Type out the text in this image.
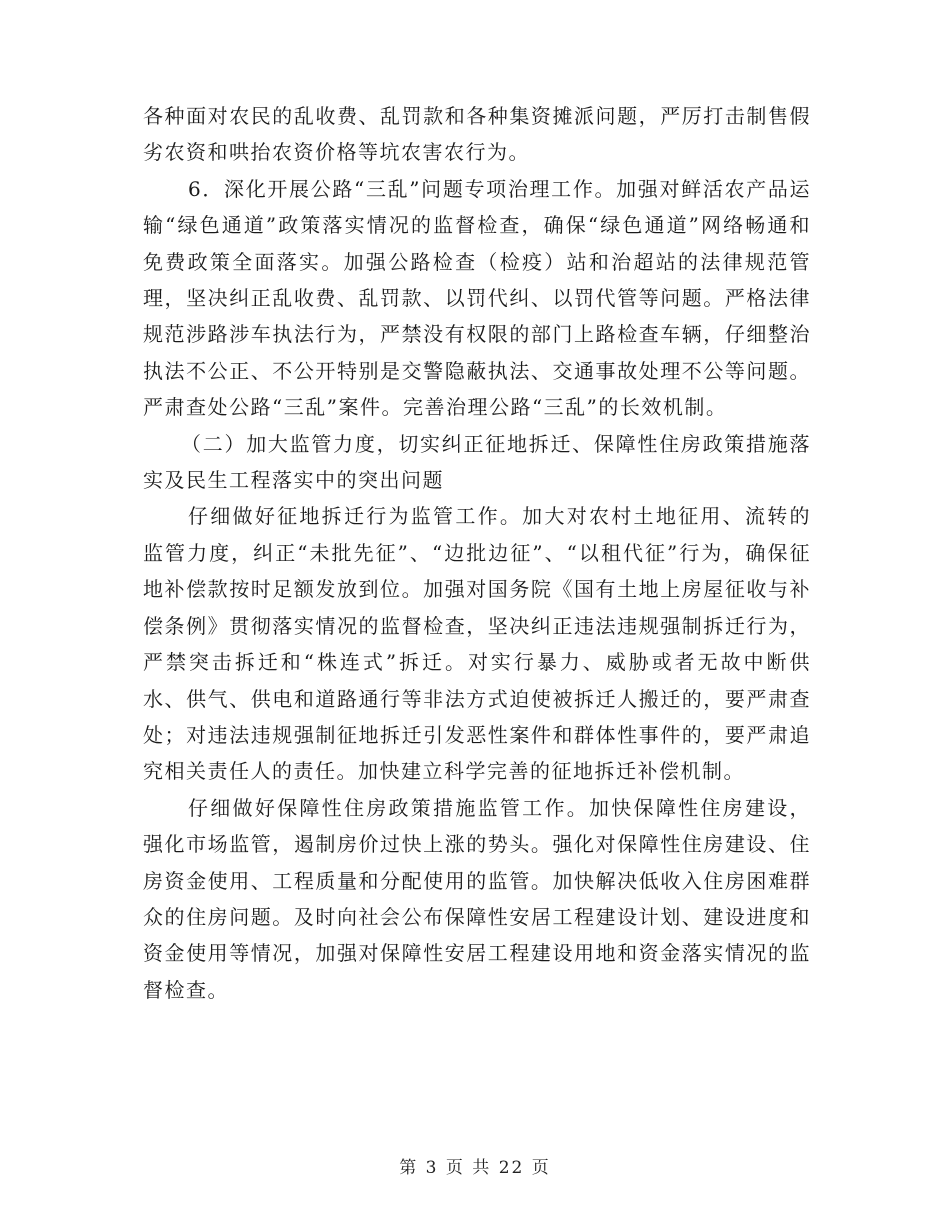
各种面对农民的乱收费、乱罚款和各种集资摊派问题，严厉打击制售假劣农资和哄抬农资价格等坑农害农行为。

6．深化开展公路“三乱”问题专项治理工作。加强对鲜活农产品运输“绿色通道”政策落实情况的监督检查，确保“绿色通道”网络畅通和免费政策全面落实。加强公路检查（检疫）站和治超站的法律规范管理，坚决纠正乱收费、乱罚款、以罚代纠、以罚代管等问题。严格法律规范涉路涉车执法行为，严禁没有权限的部门上路检查车辆，仔细整治执法不公正、不公开特别是交警隐蔽执法、交通事故处理不公等问题。严肃查处公路“三乱”案件。完善治理公路“三乱”的长效机制。

（二）加大监管力度，切实纠正征地拆迁、保障性住房政策措施落实及民生工程落实中的突出问题

仔细做好征地拆迁行为监管工作。加大对农村土地征用、流转的监管力度，纠正“未批先征”、“边批边征”、“以租代征”行为，确保征地补偿款按时足额发放到位。加强对国务院《国有土地上房屋征收与补偿条例》贯彻落实情况的监督检查，坚决纠正违法违规强制拆迁行为，严禁突击拆迁和“株连式”拆迁。对实行暴力、威胁或者无故中断供水、供气、供电和道路通行等非法方式迫使被拆迁人搬迁的，要严肃查处；对违法违规强制征地拆迁引发恶性案件和群体性事件的，要严肃追究相关责任人的责任。加快建立科学完善的征地拆迁补偿机制。

仔细做好保障性住房政策措施监管工作。加快保障性住房建设，强化市场监管，遏制房价过快上涨的势头。强化对保障性住房建设、住房资金使用、工程质量和分配使用的监管。加快解决低收入住房困难群众的住房问题。及时向社会公布保障性安居工程建设计划、建设进度和资金使用等情况，加强对保障性安居工程建设用地和资金落实情况的监督检查。

第 3 页 共 22 页
